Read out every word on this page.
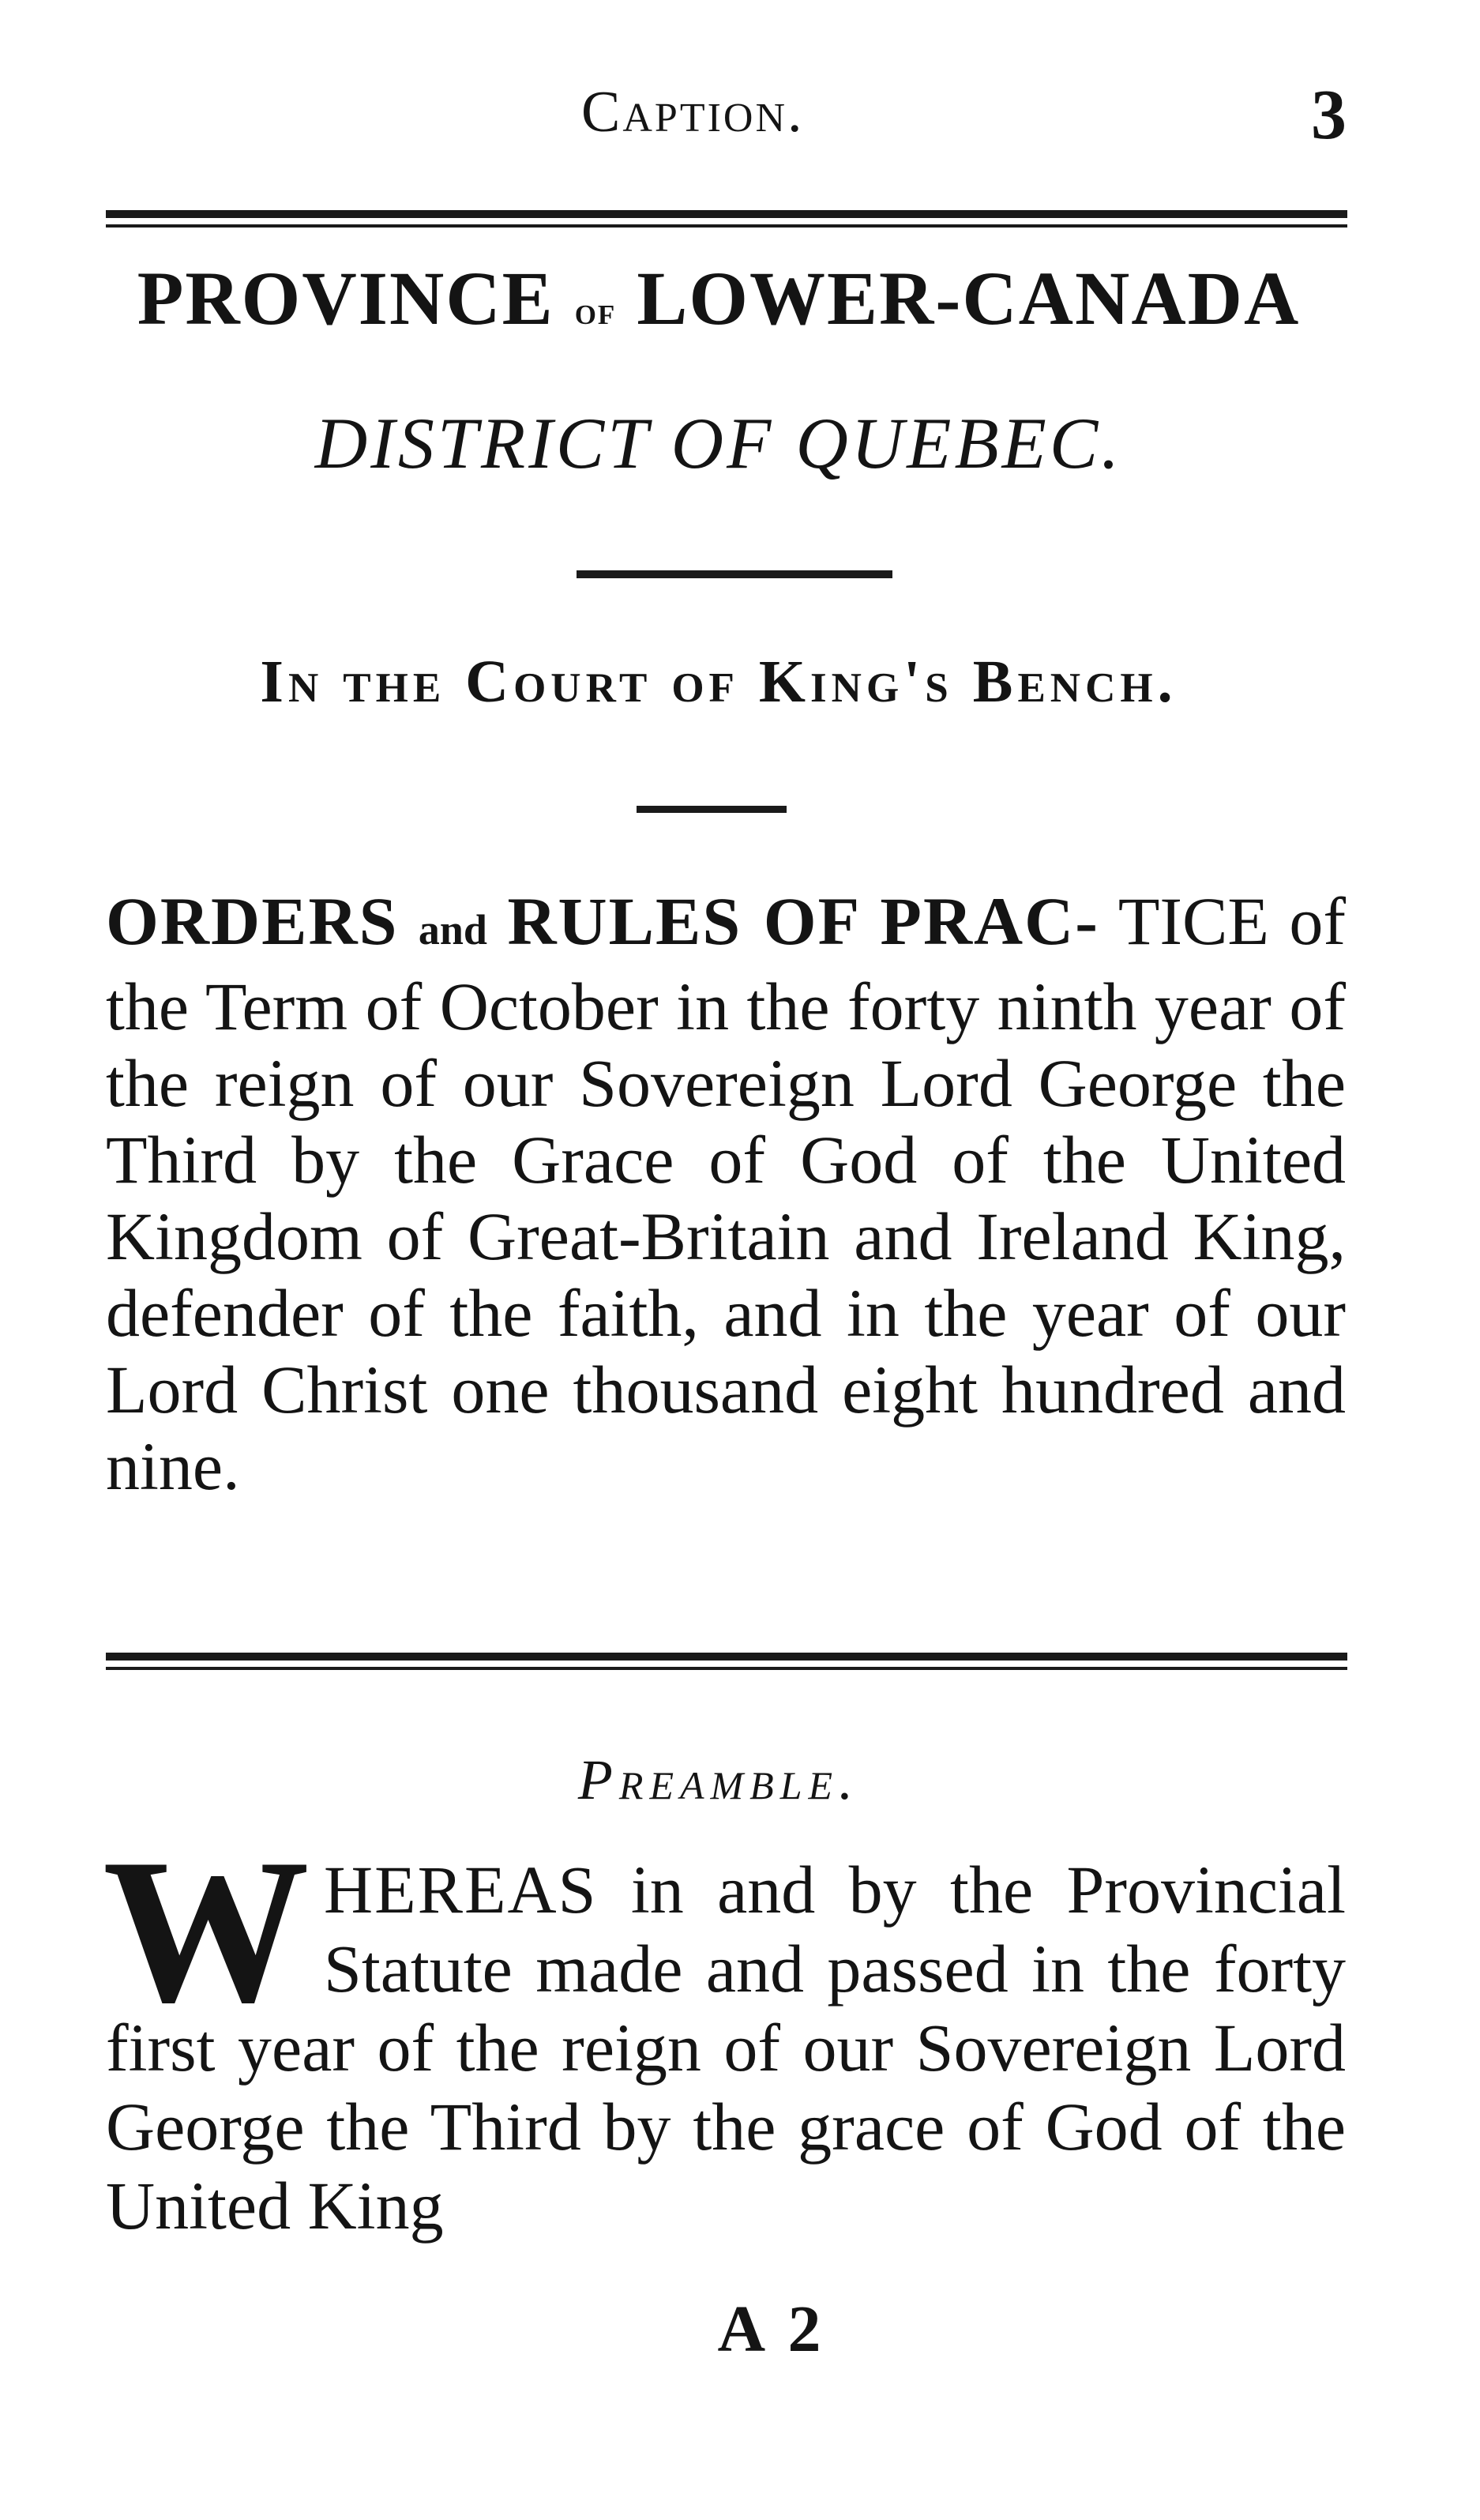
Caption.	3
PROVINCE of LOWER-CANADA
DISTRICT OF QUEBEC.
In the Court of King's Bench.
ORDERS and RULES OF PRAC- TICE of the Term of October in the forty ninth year of the reign of our Sovereign Lord George the Third by the Grace of God of the United Kingdom of Great-Britain and Ireland King, defender of the faith, and in the year of our Lord Christ one thousand eight hundred and nine.
Preamble.
WHEREAS in and by the Provincial Statute made and passed in the forty first year of the reign of our Sovereign Lord George the Third by the grace of God of the United King
A 2
